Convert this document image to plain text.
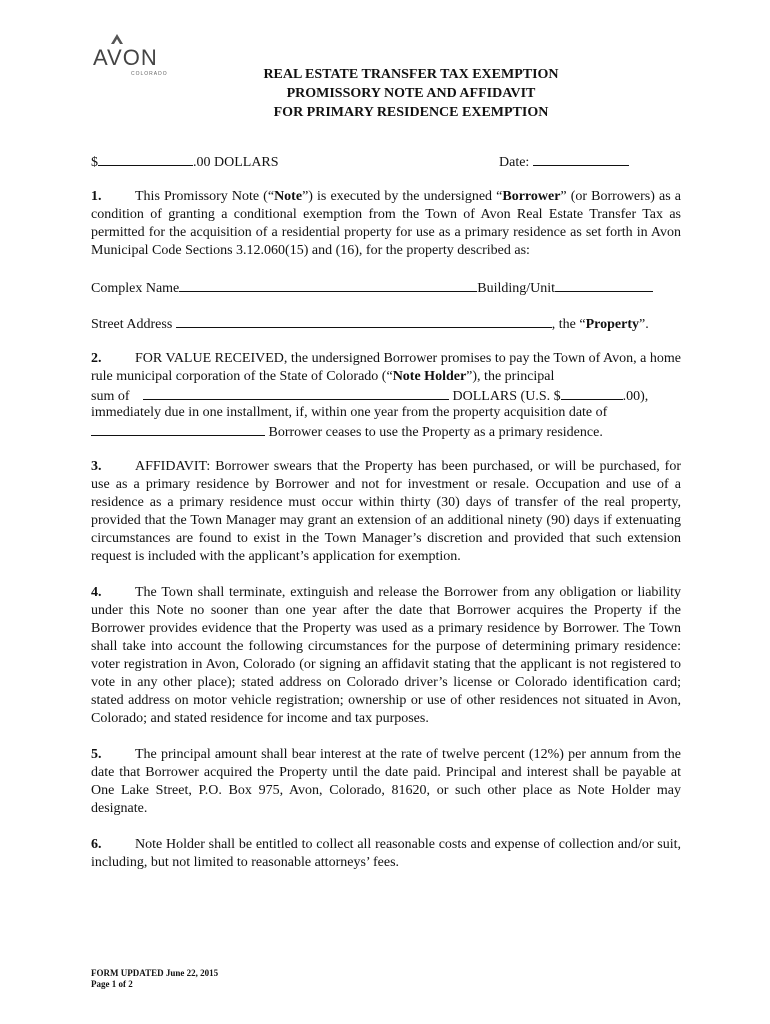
AVON
COLORADO	REAL ESTATE TRANSFER TAX EXEMPTION
PROMISSORY NOTE AND AFFIDAVIT
FOR PRIMARY RESIDENCE EXEMPTION
$	.00 DOLLARS	Date:

1. This Promissory Note (“Note”) is executed by the undersigned “Borrower” (or Borrowers) as a condition of granting a conditional exemption from the Town of Avon Real Estate Transfer Tax as permitted for the acquisition of a residential property for use as a primary residence as set forth in Avon Municipal Code Sections 3.12.060(15) and (16), for the property described as:

Complex Name	Building/Unit
Street Address	, the “Property”.

2. FOR VALUE RECEIVED, the undersigned Borrower promises to pay the Town of Avon, a home rule municipal corporation of the State of Colorado (“Note Holder”), the principal

sum of	DOLLARS (U.S. $	.00),
immediately due in one installment, if, within one year from the property acquisition date of
Borrower ceases to use the Property as a primary residence.

3. AFFIDAVIT: Borrower swears that the Property has been purchased, or will be purchased, for use as a primary residence by Borrower and not for investment or resale. Occupation and use of a residence as a primary residence must occur within thirty (30) days of transfer of the real property, provided that the Town Manager may grant an extension of an additional ninety (90) days if extenuating circumstances are found to exist in the Town Manager’s discretion and provided that such extension request is included with the applicant’s application for exemption.

4. The Town shall terminate, extinguish and release the Borrower from any obligation or liability under this Note no sooner than one year after the date that Borrower acquires the Property if the Borrower provides evidence that the Property was used as a primary residence by Borrower. The Town shall take into account the following circumstances for the purpose of determining primary residence: voter registration in Avon, Colorado (or signing an affidavit stating that the applicant is not registered to vote in any other place); stated address on Colorado driver’s license or Colorado identification card; stated address on motor vehicle registration; ownership or use of other residences not situated in Avon, Colorado; and stated residence for income and tax purposes.

5. The principal amount shall bear interest at the rate of twelve percent (12%) per annum from the date that Borrower acquired the Property until the date paid. Principal and interest shall be payable at One Lake Street, P.O. Box 975, Avon, Colorado, 81620, or such other place as Note Holder may designate.

6. Note Holder shall be entitled to collect all reasonable costs and expense of collection and/or suit, including, but not limited to reasonable attorneys’ fees.

FORM UPDATED June 22, 2015
Page 1 of 2
